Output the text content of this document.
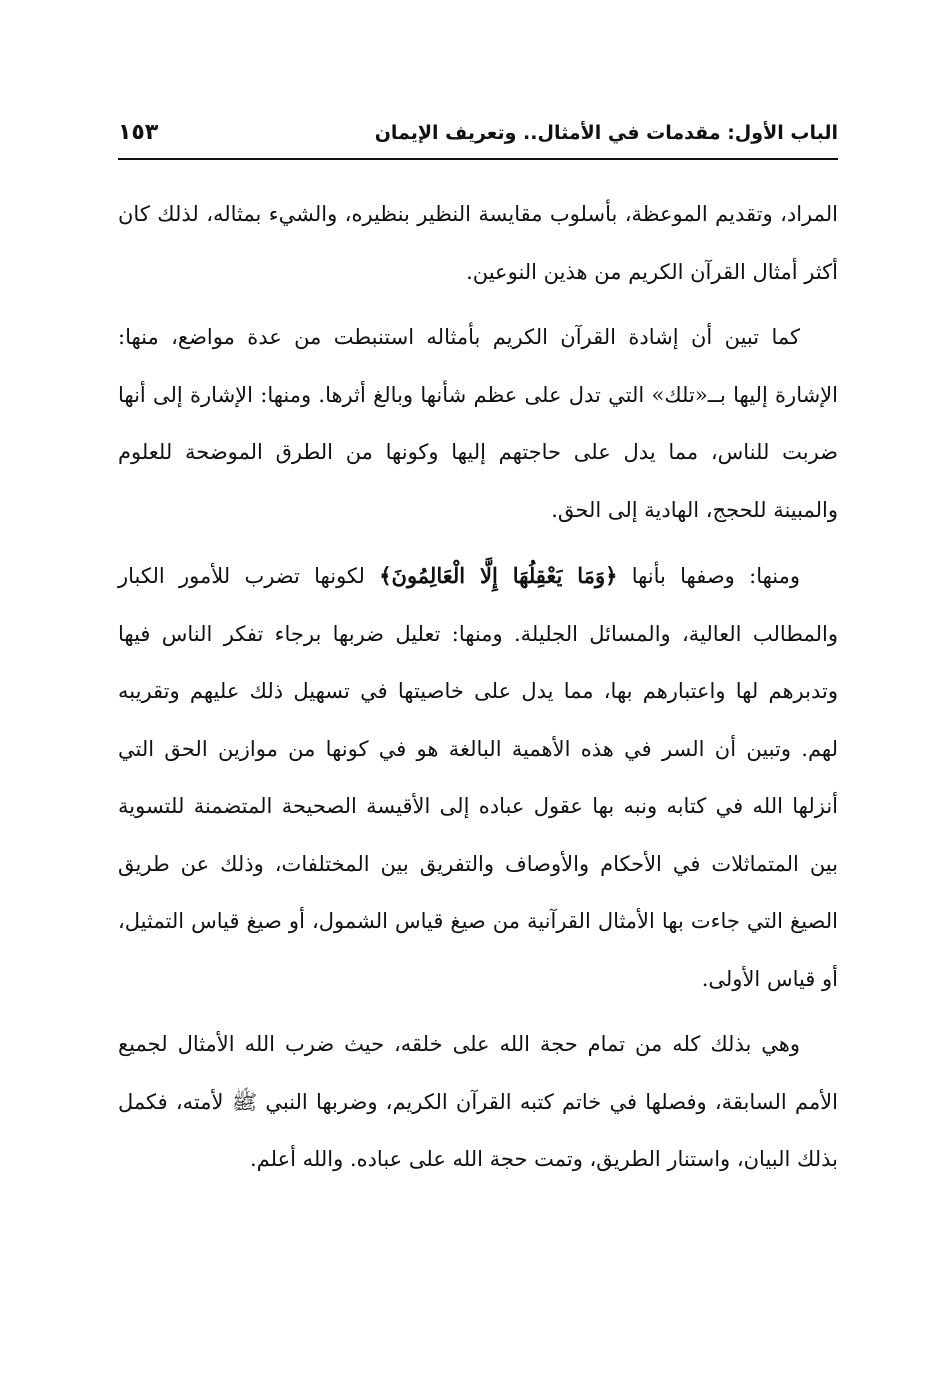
الباب الأول: مقدمات في الأمثال.. وتعريف الإيمان
١٥٣

المراد، وتقديم الموعظة، بأسلوب مقايسة النظير بنظيره، والشيء بمثاله، لذلك كان أكثر أمثال القرآن الكريم من هذين النوعين.

كما تبين أن إشادة القرآن الكريم بأمثاله استنبطت من عدة مواضع، منها: الإشارة إليها بــ«تلك» التي تدل على عظم شأنها وبالغ أثرها. ومنها: الإشارة إلى أنها ضربت للناس، مما يدل على حاجتهم إليها وكونها من الطرق الموضحة للعلوم والمبينة للحجج، الهادية إلى الحق.

ومنها: وصفها بأنها ﴿وَمَا يَعْقِلُهَا إِلَّا الْعَالِمُونَ﴾ لكونها تضرب للأمور الكبار والمطالب العالية، والمسائل الجليلة. ومنها: تعليل ضربها برجاء تفكر الناس فيها وتدبرهم لها واعتبارهم بها، مما يدل على خاصيتها في تسهيل ذلك عليهم وتقريبه لهم. وتبين أن السر في هذه الأهمية البالغة هو في كونها من موازين الحق التي أنزلها الله في كتابه ونبه بها عقول عباده إلى الأقيسة الصحيحة المتضمنة للتسوية بين المتماثلات في الأحكام والأوصاف والتفريق بين المختلفات، وذلك عن طريق الصيغ التي جاءت بها الأمثال القرآنية من صيغ قياس الشمول، أو صيغ قياس التمثيل، أو قياس الأولى.

وهي بذلك كله من تمام حجة الله على خلقه، حيث ضرب الله الأمثال لجميع الأمم السابقة، وفصلها في خاتم كتبه القرآن الكريم، وضربها النبي ﷺ لأمته، فكمل بذلك البيان، واستنار الطريق، وتمت حجة الله على عباده. والله أعلم.
